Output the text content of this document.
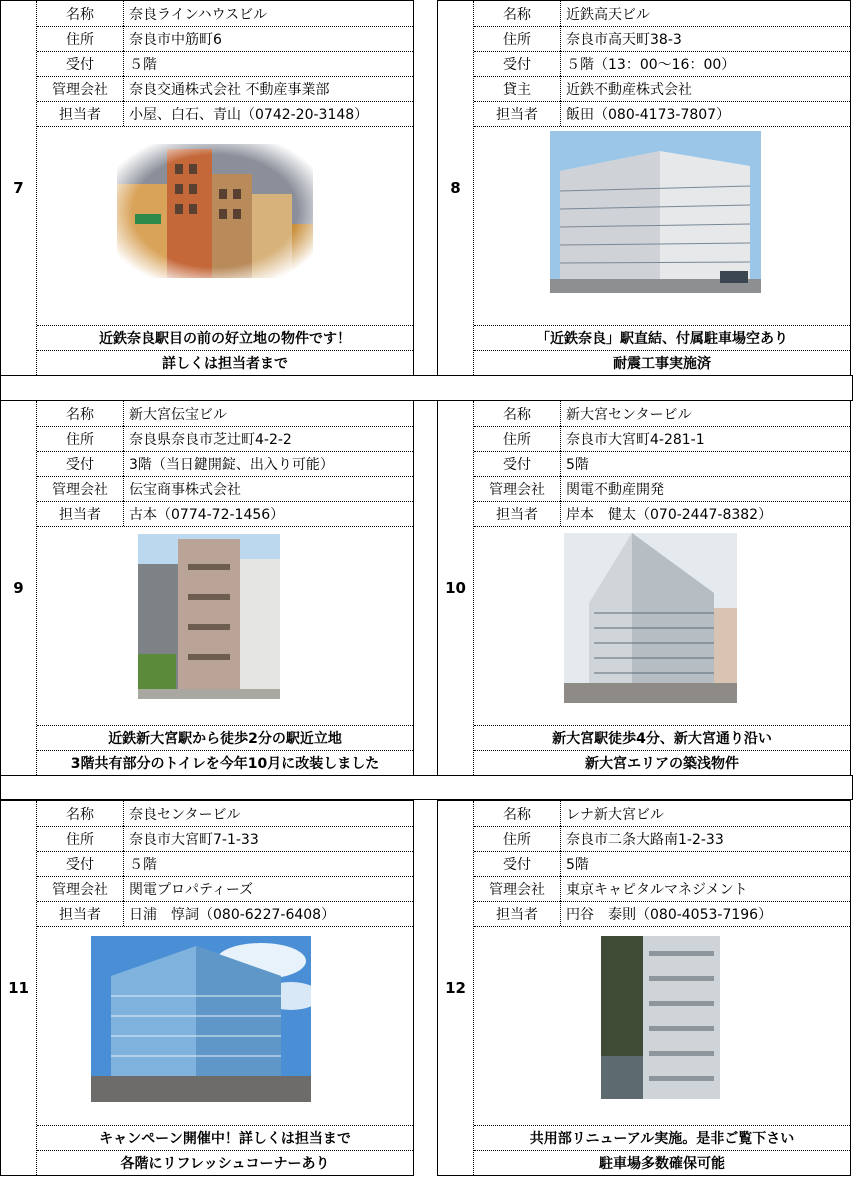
7
名称	奈良ラインハウスビル
住所	奈良市中筋町6
受付	５階
管理会社	奈良交通株式会社 不動産事業部
担当者	小屋、白石、青山（0742-20-3148）
近鉄奈良駅目の前の好立地の物件です！
詳しくは担当者まで
8
名称	近鉄高天ビル
住所	奈良市高天町38-3
受付	５階（13：00～16：00）
貸主	近鉄不動産株式会社
担当者	飯田（080-4173-7807）
「近鉄奈良」駅直結、付属駐車場空あり
耐震工事実施済
9
名称	新大宮伝宝ビル
住所	奈良県奈良市芝辻町4-2-2
受付	3階（当日鍵開錠、出入り可能）
管理会社	伝宝商事株式会社
担当者	古本（0774-72-1456）
近鉄新大宮駅から徒歩2分の駅近立地
3階共有部分のトイレを今年10月に改装しました
10
名称	新大宮センタービル
住所	奈良市大宮町4-281-1
受付	5階
管理会社	関電不動産開発
担当者	岸本　健太（070-2447-8382）
新大宮駅徒歩4分、新大宮通り沿い
新大宮エリアの築浅物件
11
名称	奈良センタービル
住所	奈良市大宮町7-1-33
受付	５階
管理会社	関電プロパティーズ
担当者	日浦　惇詞（080-6227-6408）
キャンペーン開催中！詳しくは担当まで
各階にリフレッシュコーナーあり
12
名称	レナ新大宮ビル
住所	奈良市二条大路南1-2-33
受付	5階
管理会社	東京キャピタルマネジメント
担当者	円谷　泰則（080-4053-7196）
共用部リニューアル実施。是非ご覧下さい
駐車場多数確保可能
